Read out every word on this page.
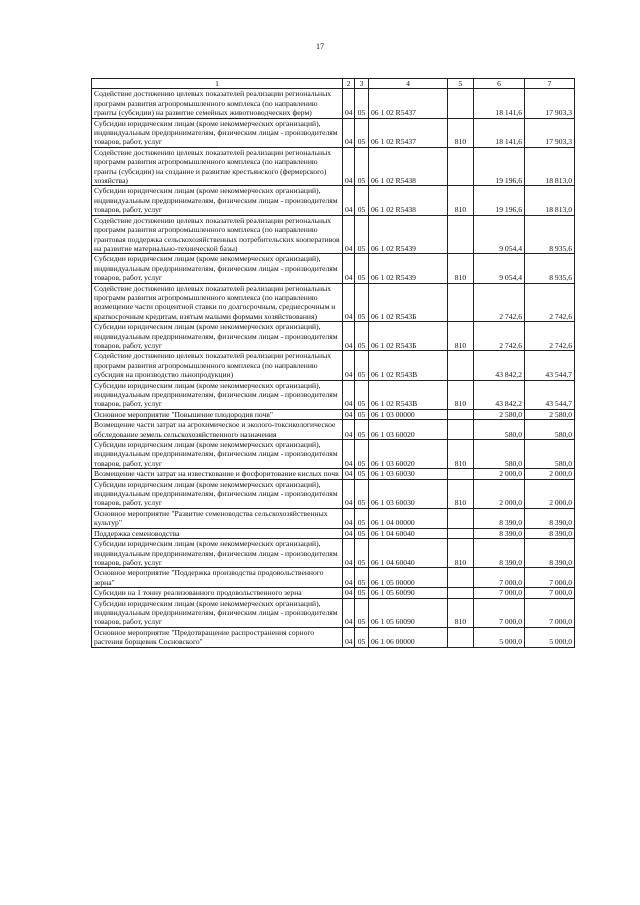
17
1	2	3	4	5	6	7
Содействие достижению целевых показателей реализации региональных программ развития агропромышленного комплекса (по направлению гранты (субсидии) на развитие семейных животноводческих ферм)	04	05	06 1 02 R5437		18 141,6	17 903,3
Субсидии юридическим лицам (кроме некоммерческих организаций), индивидуальным предпринимателям, физическим лицам - производителям товаров, работ, услуг	04	05	06 1 02 R5437	810	18 141,6	17 903,3
Содействие достижению целевых показателей реализации региональных программ развития агропромышленного комплекса (по направлению гранты (субсидии) на создание и развитие крестьянского (фермерского) хозяйства)	04	05	06 1 02 R5438		19 196,6	18 813,0
Субсидии юридическим лицам (кроме некоммерческих организаций), индивидуальным предпринимателям, физическим лицам - производителям товаров, работ, услуг	04	05	06 1 02 R5438	810	19 196,6	18 813,0
Содействие достижению целевых показателей реализации региональных программ развития агропромышленного комплекса (по направлению грантовая поддержка сельскохозяйственных потребительских кооперативов на развитие материально-технической базы)	04	05	06 1 02 R5439		9 054,4	8 935,6
Субсидии юридическим лицам (кроме некоммерческих организаций), индивидуальным предпринимателям, физическим лицам - производителям товаров, работ, услуг	04	05	06 1 02 R5439	810	9 054,4	8 935,6
Содействие достижению целевых показателей реализации региональных программ развития агропромышленного комплекса (по направлению возмещение части процентной ставки по долгосрочным, среднесрочным и краткосрочным кредитам, взятым малыми формами хозяйствования)	04	05	06 1 02 R543Б		2 742,6	2 742,6
Субсидии юридическим лицам (кроме некоммерческих организаций), индивидуальным предпринимателям, физическим лицам - производителям товаров, работ, услуг	04	05	06 1 02 R543Б	810	2 742,6	2 742,6
Содействие достижению целевых показателей реализации региональных программ развития агропромышленного комплекса (по направлению субсидия на производство льнопродукции)	04	05	06 1 02 R543В		43 842,2	43 544,7
Субсидии юридическим лицам (кроме некоммерческих организаций), индивидуальным предпринимателям, физическим лицам - производителям товаров, работ, услуг	04	05	06 1 02 R543В	810	43 842,2	43 544,7
Основное мероприятие "Повышение плодородия почв"	04	05	06 1 03 00000		2 580,0	2 580,0
Возмещение части затрат на агрохимическое и эколого-токсикологическое обследование земель сельскохозяйственного назначения	04	05	06 1 03 60020		580,0	580,0
Субсидии юридическим лицам (кроме некоммерческих организаций), индивидуальным предпринимателям, физическим лицам - производителям товаров, работ, услуг	04	05	06 1 03 60020	810	580,0	580,0
Возмещение части затрат на известкование и фосфоритование кислых почв	04	05	06 1 03 60030		2 000,0	2 000,0
Субсидии юридическим лицам (кроме некоммерческих организаций), индивидуальным предпринимателям, физическим лицам - производителям товаров, работ, услуг	04	05	06 1 03 60030	810	2 000,0	2 000,0
Основное мероприятие "Развитие семеноводства сельскохозяйственных культур"	04	05	06 1 04 00000		8 390,0	8 390,0
Поддержка семеноводства	04	05	06 1 04 60040		8 390,0	8 390,0
Субсидии юридическим лицам (кроме некоммерческих организаций), индивидуальным предпринимателям, физическим лицам - производителям товаров, работ, услуг	04	05	06 1 04 60040	810	8 390,0	8 390,0
Основное мероприятие "Поддержка производства продовольственного зерна"	04	05	06 1 05 00000		7 000,0	7 000,0
Субсидии на 1 тонну реализованного продовольственного зерна	04	05	06 1 05 60090		7 000,0	7 000,0
Субсидии юридическим лицам (кроме некоммерческих организаций), индивидуальным предпринимателям, физическим лицам - производителям товаров, работ, услуг	04	05	06 1 05 60090	810	7 000,0	7 000,0
Основное мероприятие "Предотвращение распространения сорного растения борщевик Сосновского"	04	05	06 1 06 00000		5 000,0	5 000,0
